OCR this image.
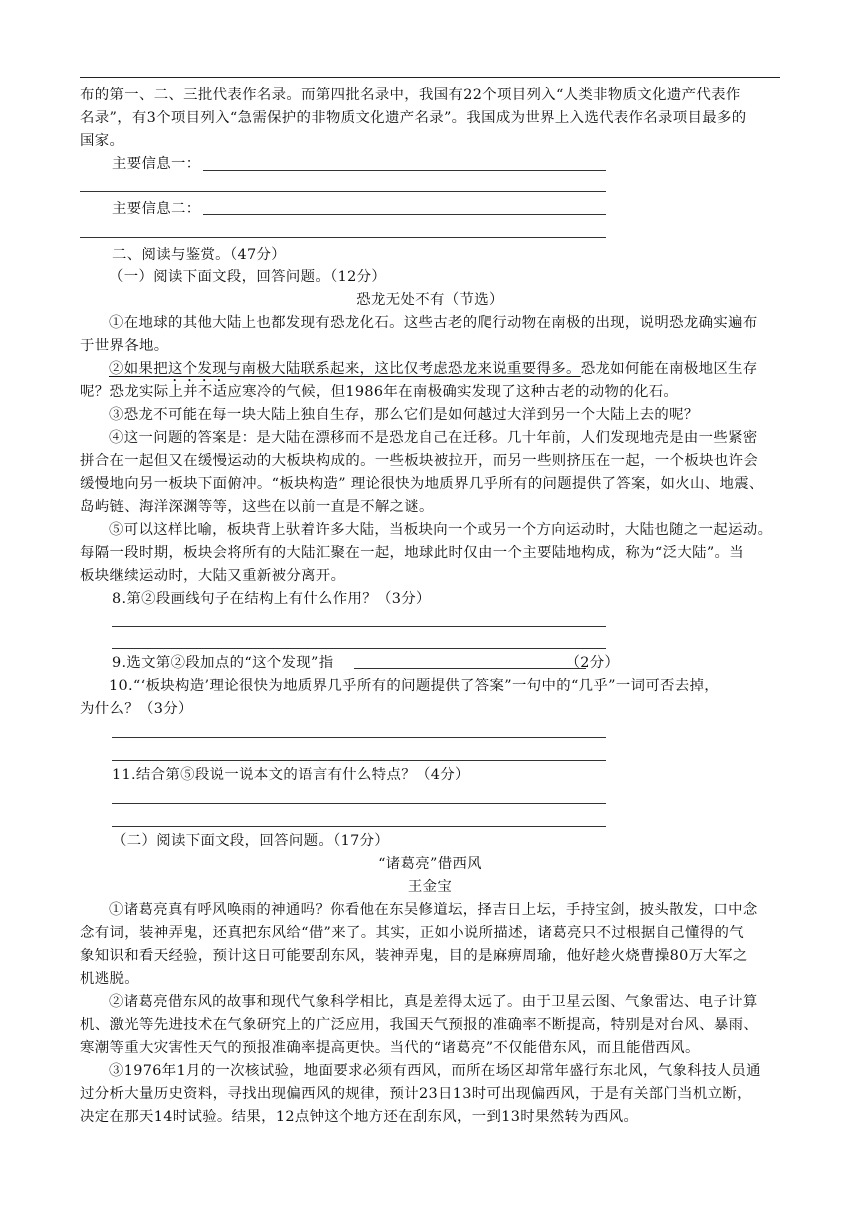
布的第一、二、三批代表作名录。而第四批名录中，我国有22个项目列入“人类非物质文化遗产代表作

名录”，有3个项目列入“急需保护的非物质文化遗产名录”。我国成为世界上入选代表作名录项目最多的

国家。

主要信息一：
主要信息二：
二、阅读与鉴赏。（47分）
（一）阅读下面文段，回答问题。（12分）

恐龙无处不有（节选）

①在地球的其他大陆上也都发现有恐龙化石。这些古老的爬行动物在南极的出现，说明恐龙确实遍布

于世界各地。

②如果把这个发现与南极大陆联系起来，这比仅考虑恐龙来说重要得多。恐龙如何能在南极地区生存

呢？恐龙实际上并不适应寒冷的气候，但1986年在南极确实发现了这种古老的动物的化石。

③恐龙不可能在每一块大陆上独自生存，那么它们是如何越过大洋到另一个大陆上去的呢？

④这一问题的答案是：是大陆在漂移而不是恐龙自己在迁移。几十年前，人们发现地壳是由一些紧密

拼合在一起但又在缓慢运动的大板块构成的。一些板块被拉开，而另一些则挤压在一起，一个板块也许会

缓慢地向另一板块下面俯冲。“板块构造” 理论很快为地质界几乎所有的问题提供了答案，如火山、地震、

岛屿链、海洋深渊等等，这些在以前一直是不解之谜。

⑤可以这样比喻，板块背上驮着许多大陆，当板块向一个或另一个方向运动时，大陆也随之一起运动。

每隔一段时期，板块会将所有的大陆汇聚在一起，地球此时仅由一个主要陆地构成，称为“泛大陆”。当

板块继续运动时，大陆又重新被分离开。

8.第②段画线句子在结构上有什么作用？（3分）
9.选文第②段加点的“这个发现”指	（2分）

10.“‘板块构造’理论很快为地质界几乎所有的问题提供了答案”一句中的“几乎”一词可否去掉，

为什么？（3分）

11.结合第⑤段说一说本文的语言有什么特点？（4分）
（二）阅读下面文段，回答问题。（17分）

“诸葛亮”借西风

王金宝

①诸葛亮真有呼风唤雨的神通吗？你看他在东吴修道坛，择吉日上坛，手持宝剑，披头散发，口中念

念有词，装神弄鬼，还真把东风给“借”来了。其实，正如小说所描述，诸葛亮只不过根据自己懂得的气

象知识和看天经验，预计这日可能要刮东风，装神弄鬼，目的是麻痹周瑜，他好趁火烧曹操80万大军之

机逃脱。

②诸葛亮借东风的故事和现代气象科学相比，真是差得太远了。由于卫星云图、气象雷达、电子计算

机、激光等先进技术在气象研究上的广泛应用，我国天气预报的准确率不断提高，特别是对台风、暴雨、

寒潮等重大灾害性天气的预报准确率提高更快。当代的“诸葛亮”不仅能借东风，而且能借西风。

③1976年1月的一次核试验，地面要求必须有西风，而所在场区却常年盛行东北风，气象科技人员通

过分析大量历史资料，寻找出现偏西风的规律，预计23日13时可出现偏西风，于是有关部门当机立断，

决定在那天14时试验。结果，12点钟这个地方还在刮东风，一到13时果然转为西风。
